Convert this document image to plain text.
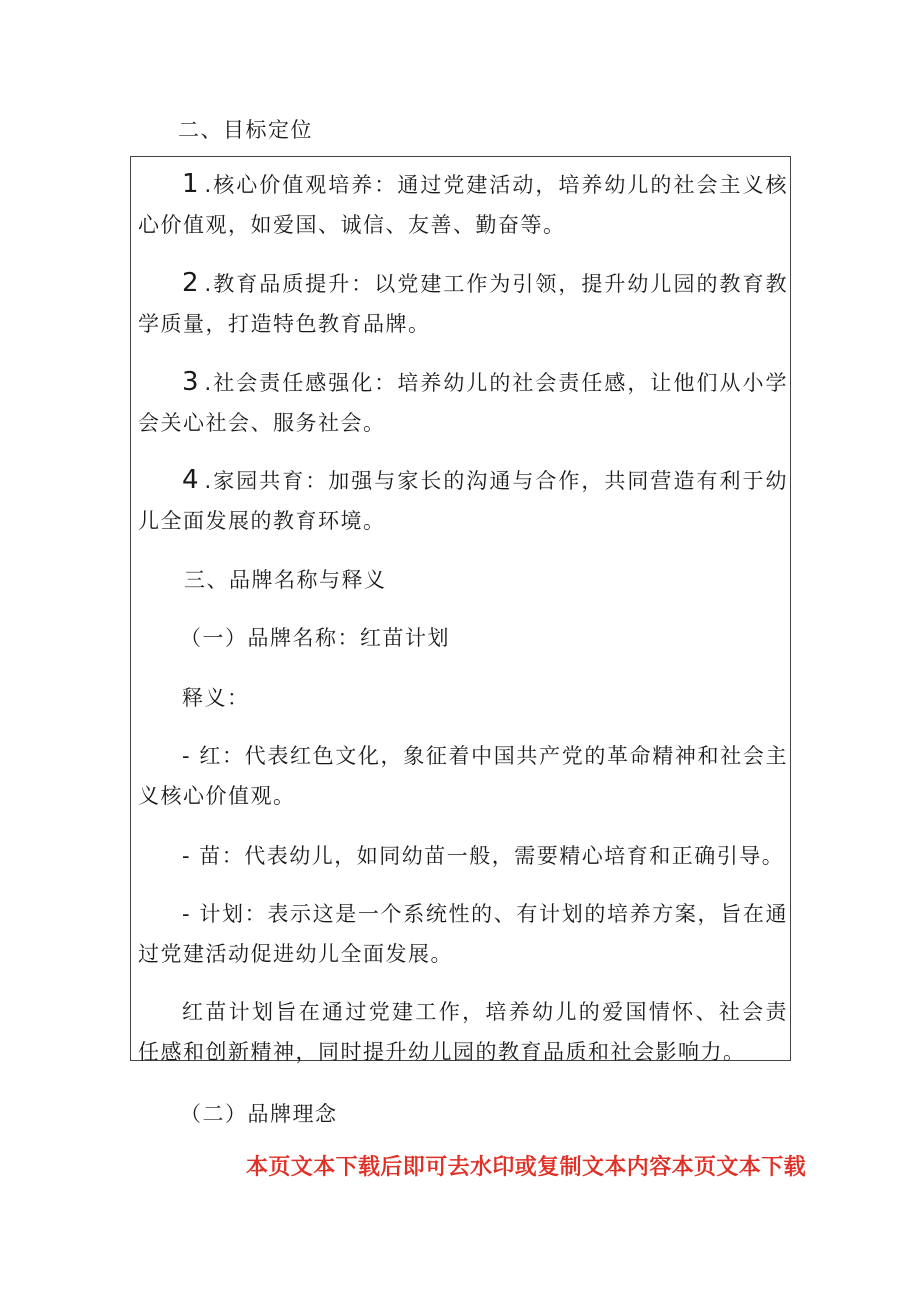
二、目标定位
1 .核心价值观培养：通过党建活动，培养幼儿的社会主义核心价值观，如爱国、诚信、友善、勤奋等。
2 .教育品质提升：以党建工作为引领，提升幼儿园的教育教学质量，打造特色教育品牌。
3 .社会责任感强化：培养幼儿的社会责任感，让他们从小学会关心社会、服务社会。
4 .家园共育：加强与家长的沟通与合作，共同营造有利于幼儿全面发展的教育环境。
三、品牌名称与释义
（一）品牌名称：红苗计划
释义：
- 红：代表红色文化，象征着中国共产党的革命精神和社会主义核心价值观。
- 苗：代表幼儿，如同幼苗一般，需要精心培育和正确引导。
- 计划：表示这是一个系统性的、有计划的培养方案，旨在通过党建活动促进幼儿全面发展。
红苗计划旨在通过党建工作，培养幼儿的爱国情怀、社会责任感和创新精神，同时提升幼儿园的教育品质和社会影响力。
（二）品牌理念
本页文本下载后即可去水印或复制文本内容本页文本下载
